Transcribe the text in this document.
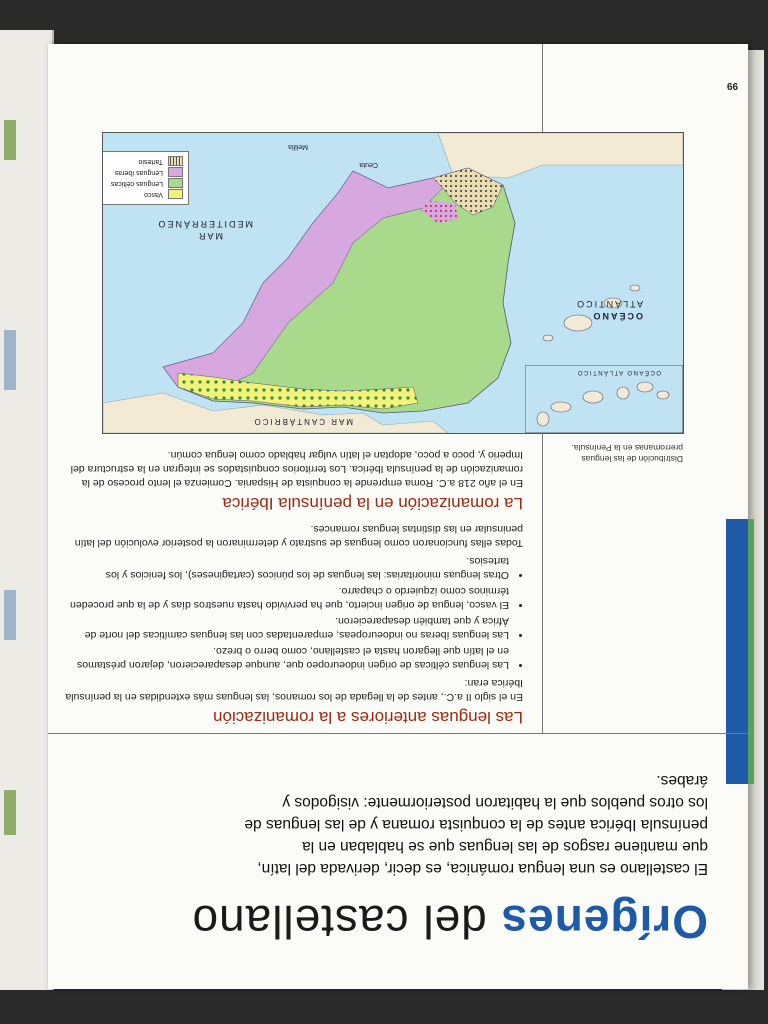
Orígenes del castellano
El castellano es una lengua románica, es decir, derivada del latín, que mantiene rasgos de las lenguas que se hablaban en la península Ibérica antes de la conquista romana y de las lenguas de los otros pueblos que la habitaron posteriormente: visigodos y árabes.
Las lenguas anteriores a la romanización

En el siglo II a.C., antes de la llegada de los romanos, las lenguas más extendidas en la península Ibérica eran:

• Las lenguas célticas de origen indoeuropeo que, aunque desaparecieron, dejaron préstamos en el latín que llegaron hasta el castellano, como berro o brezo.
• Las lenguas íberas no indoeuropeas, emparentadas con las lenguas camíticas del norte de África y que también desaparecieron.
• El vasco, lengua de origen incierto, que ha pervivido hasta nuestros días y de la que proceden términos como izquierdo o chaparro.
• Otras lenguas minoritarias: las lenguas de los púnicos (cartagineses), los fenicios y los tartesios.

Todas ellas funcionaron como lenguas de sustrato y determinaron la posterior evolución del latín peninsular en las distintas lenguas romances.

La romanización en la península Ibérica

En el año 218 a.C. Roma emprende la conquista de Hispania. Comienza el lento proceso de la romanización de la península Ibérica. Los territorios conquistados se integran en la estructura del Imperio y, poco a poco, adoptan el latín vulgar hablado como lengua común.	Distribución de las lenguas prerromanas en la Península.
MAR CANTÁBRICO
OCÉANO
ATLÁNTICO
MAR
MEDITERRÁNEO
Ceuta
Melilla
OCÉANO ATLÁNTICO
Vasco
Lenguas célticas
Lenguas íberas
Tartesio
99
